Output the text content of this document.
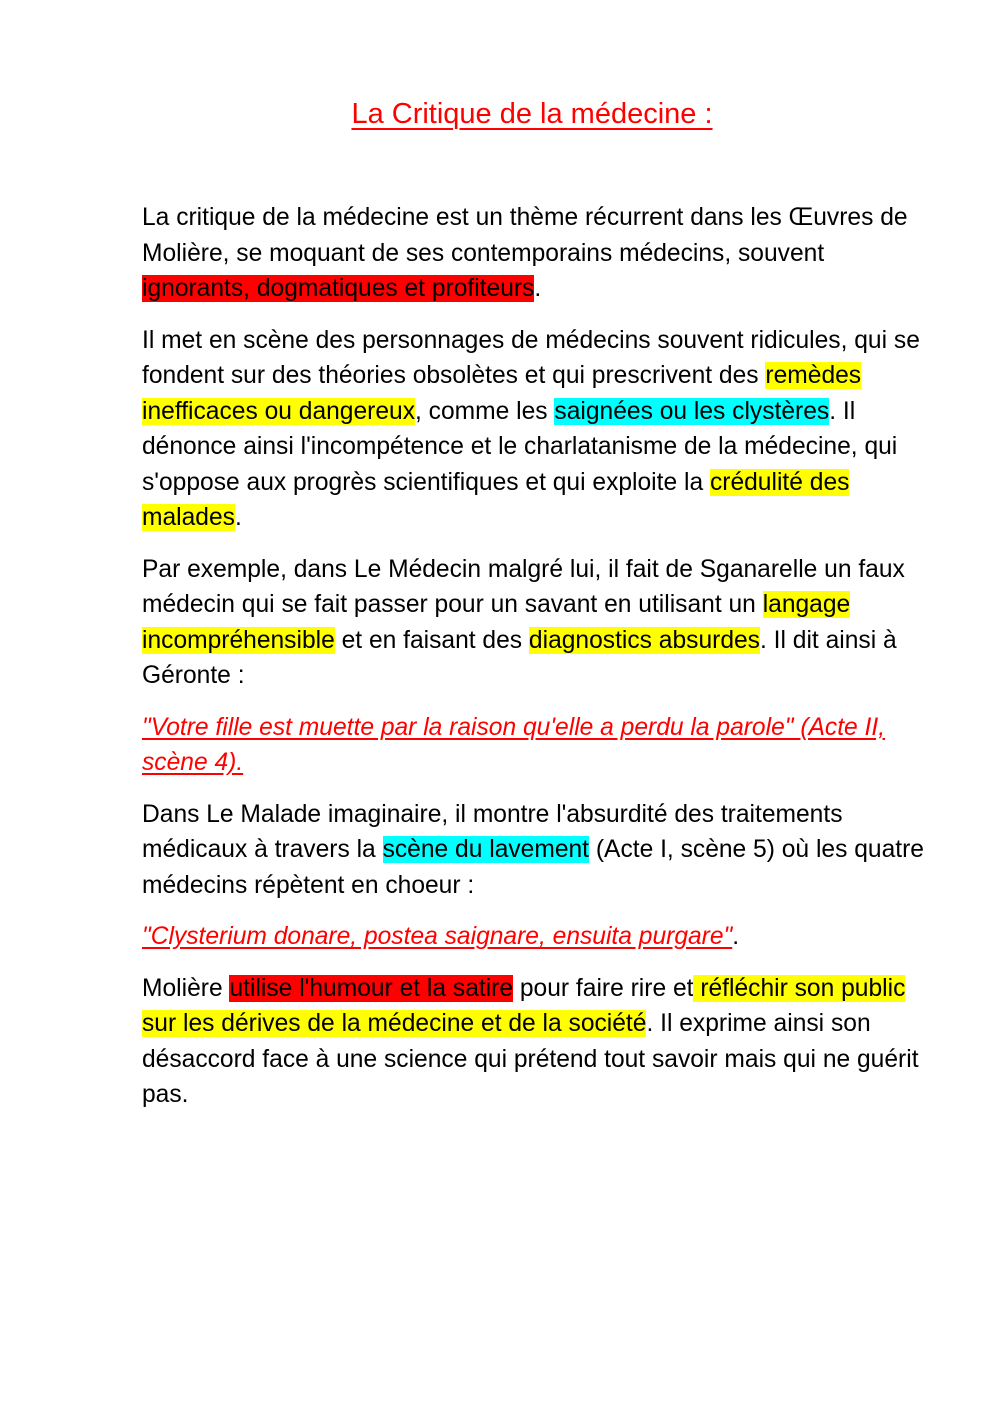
La Critique de la médecine :

La critique de la médecine est un thème récurrent dans les Œuvres de Molière, se moquant de ses contemporains médecins, souvent ignorants, dogmatiques et profiteurs.

Il met en scène des personnages de médecins souvent ridicules, qui se fondent sur des théories obsolètes et qui prescrivent des remèdes inefficaces ou dangereux, comme les saignées ou les clystères. Il dénonce ainsi l'incompétence et le charlatanisme de la médecine, qui s'oppose aux progrès scientifiques et qui exploite la crédulité des malades.

Par exemple, dans Le Médecin malgré lui, il fait de Sganarelle un faux médecin qui se fait passer pour un savant en utilisant un langage incompréhensible et en faisant des diagnostics absurdes. Il dit ainsi à Géronte :

"Votre fille est muette par la raison qu'elle a perdu la parole" (Acte II, scène 4).

Dans Le Malade imaginaire, il montre l'absurdité des traitements médicaux à travers la scène du lavement (Acte I, scène 5) où les quatre médecins répètent en choeur :

"Clysterium donare, postea saignare, ensuita purgare".

Molière utilise l'humour et la satire pour faire rire et réfléchir son public sur les dérives de la médecine et de la société. Il exprime ainsi son désaccord face à une science qui prétend tout savoir mais qui ne guérit pas.
